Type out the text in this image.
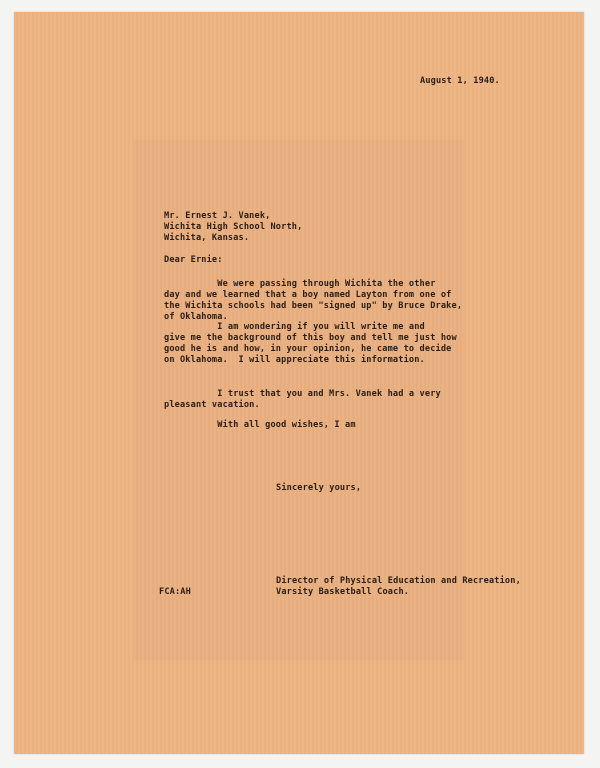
August 1, 1940.
Mr. Ernest J. Vanek,
Wichita High School North,
Wichita, Kansas.
Dear Ernie:
We were passing through Wichita the other
day and we learned that a boy named Layton from one of
the Wichita schools had been "signed up" by Bruce Drake,
of Oklahoma.
I am wondering if you will write me and
give me the background of this boy and tell me just how
good he is and how, in your opinion, he came to decide
on Oklahoma.  I will appreciate this information.
I trust that you and Mrs. Vanek had a very
pleasant vacation.
With all good wishes, I am
Sincerely yours,
FCA:AH
Director of Physical Education and Recreation,
Varsity Basketball Coach.
